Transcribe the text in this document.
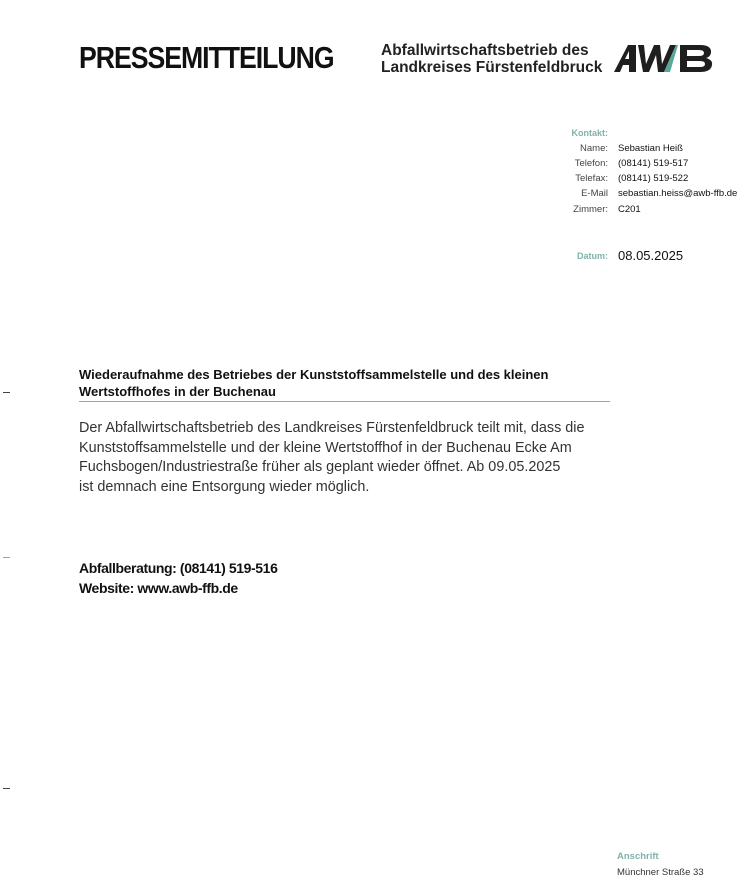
PRESSEMITTEILUNG	Abfallwirtschaftsbetrieb des
Landkreises Fürstenfeldbruck
Kontakt:
Name: Sebastian Heiß
Telefon: (08141) 519-517
Telefax: (08141) 519-522
E-Mail sebastian.heiss@awb-ffb.de
Zimmer: C201
Datum: 08.05.2025
Wiederaufnahme des Betriebes der Kunststoffsammelstelle und des kleinen
Wertstoffhofes in der Buchenau
Der Abfallwirtschaftsbetrieb des Landkreises Fürstenfeldbruck teilt mit, dass die
Kunststoffsammelstelle und der kleine Wertstoffhof in der Buchenau Ecke Am
Fuchsbogen/Industriestraße früher als geplant wieder öffnet. Ab 09.05.2025
ist demnach eine Entsorgung wieder möglich.
Abfallberatung: (08141) 519-516
Website: www.awb-ffb.de
Anschrift
Münchner Straße 33
